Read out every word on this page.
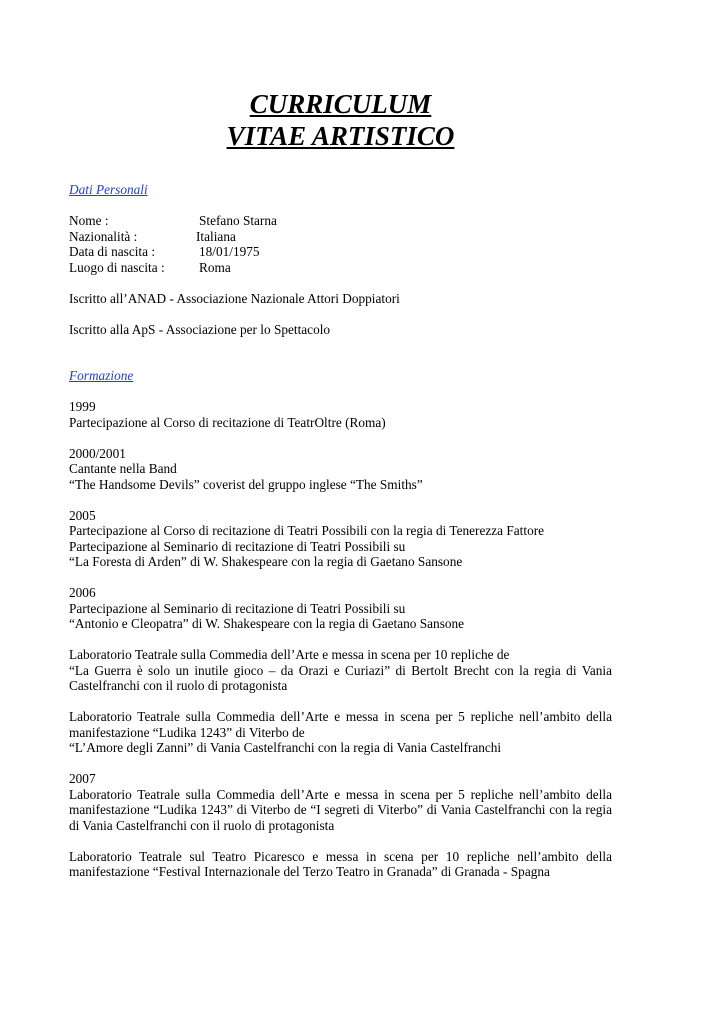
CURRICULUM
VITAE ARTISTICO
Dati Personali
Nome :	Stefano Starna
Nazionalità :	Italiana
Data di nascita :	18/01/1975
Luogo di nascita :	Roma

Iscritto all’ANAD - Associazione Nazionale Attori Doppiatori

Iscritto alla ApS - Associazione per lo Spettacolo

Formazione

1999

Partecipazione al Corso di recitazione di TeatrOltre (Roma)

2000/2001

Cantante nella Band

“The Handsome Devils” coverist del gruppo inglese “The Smiths”

2005

Partecipazione al Corso di recitazione di Teatri Possibili con la regia di Tenerezza Fattore

Partecipazione al Seminario di recitazione di Teatri Possibili su

“La Foresta di Arden” di W. Shakespeare con la regia di Gaetano Sansone

2006

Partecipazione al Seminario di recitazione di Teatri Possibili su

“Antonio e Cleopatra” di W. Shakespeare con la regia di Gaetano Sansone

Laboratorio Teatrale sulla Commedia dell’Arte e messa in scena per 10 repliche de

“La Guerra è solo un inutile gioco – da Orazi e Curiazi” di Bertolt Brecht con la regia di Vania Castelfranchi con il ruolo di protagonista

Laboratorio Teatrale sulla Commedia dell’Arte e messa in scena per 5 repliche nell’ambito della manifestazione “Ludika 1243” di Viterbo de

“L’Amore degli Zanni” di Vania Castelfranchi con la regia di Vania Castelfranchi

2007

Laboratorio Teatrale sulla Commedia dell’Arte e messa in scena per 5 repliche nell’ambito della manifestazione “Ludika 1243” di Viterbo de “I segreti di Viterbo” di Vania Castelfranchi con la regia di Vania Castelfranchi con il ruolo di protagonista

Laboratorio Teatrale sul Teatro Picaresco e messa in scena per 10 repliche nell’ambito della manifestazione “Festival Internazionale del Terzo Teatro in Granada” di Granada - Spagna
